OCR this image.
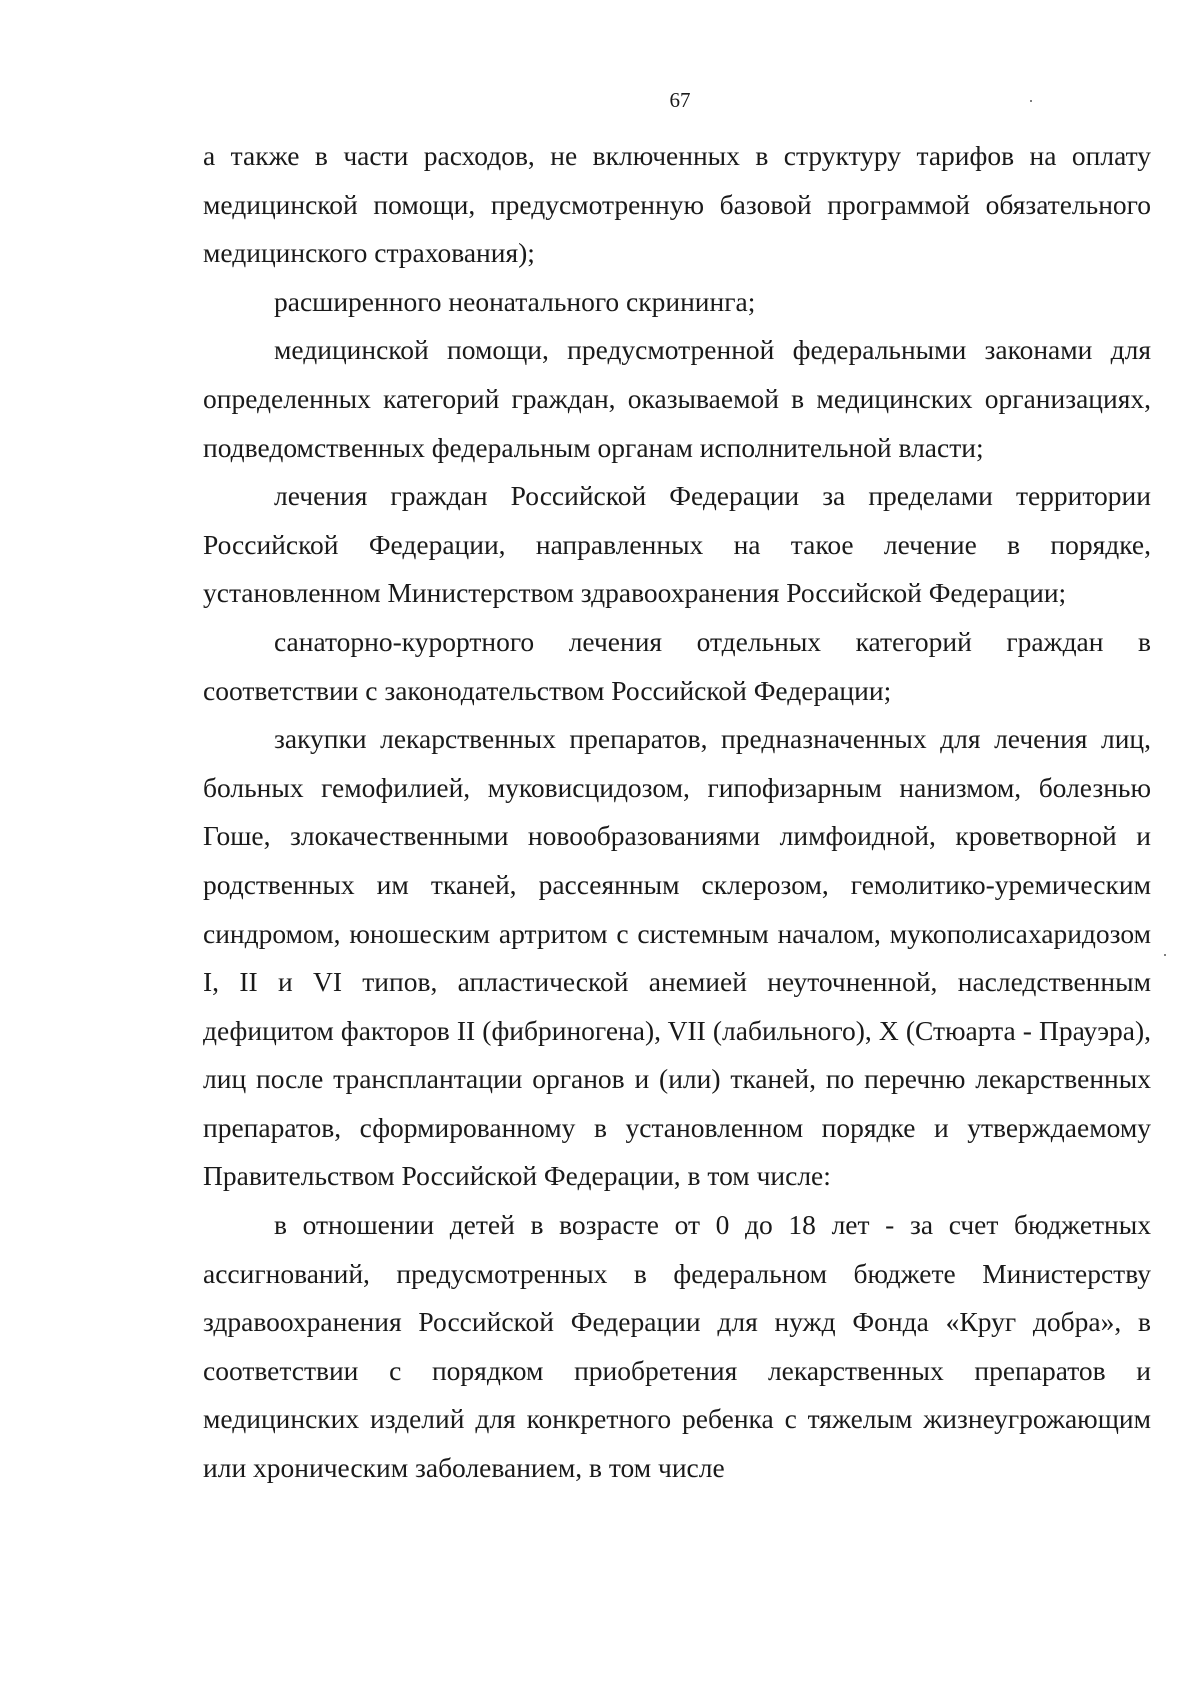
67

а также в части расходов, не включенных в структуру тарифов на оплату медицинской помощи, предусмотренную базовой программой обязательного медицинского страхования);

расширенного неонатального скрининга;

медицинской помощи, предусмотренной федеральными законами для определенных категорий граждан, оказываемой в медицинских организациях, подведомственных федеральным органам исполнительной власти;

лечения граждан Российской Федерации за пределами территории Российской Федерации, направленных на такое лечение в порядке, установленном Министерством здравоохранения Российской Федерации;

санаторно-курортного лечения отдельных категорий граждан в соответствии с законодательством Российской Федерации;

закупки лекарственных препаратов, предназначенных для лечения лиц, больных гемофилией, муковисцидозом, гипофизарным нанизмом, болезнью Гоше, злокачественными новообразованиями лимфоидной, кроветворной и родственных им тканей, рассеянным склерозом, гемолитико-уремическим синдромом, юношеским артритом с системным началом, мукополисахаридозом I, II и VI типов, апластической анемией неуточненной, наследственным дефицитом факторов II (фибриногена), VII (лабильного), X (Стюарта - Прауэра), лиц после трансплантации органов и (или) тканей, по перечню лекарственных препаратов, сформированному в установленном порядке и утверждаемому Правительством Российской Федерации, в том числе:

в отношении детей в возрасте от 0 до 18 лет - за счет бюджетных ассигнований, предусмотренных в федеральном бюджете Министерству здравоохранения Российской Федерации для нужд Фонда «Круг добра», в соответствии с порядком приобретения лекарственных препаратов и медицинских изделий для конкретного ребенка с тяжелым жизнеугрожающим или хроническим заболеванием, в том числе
